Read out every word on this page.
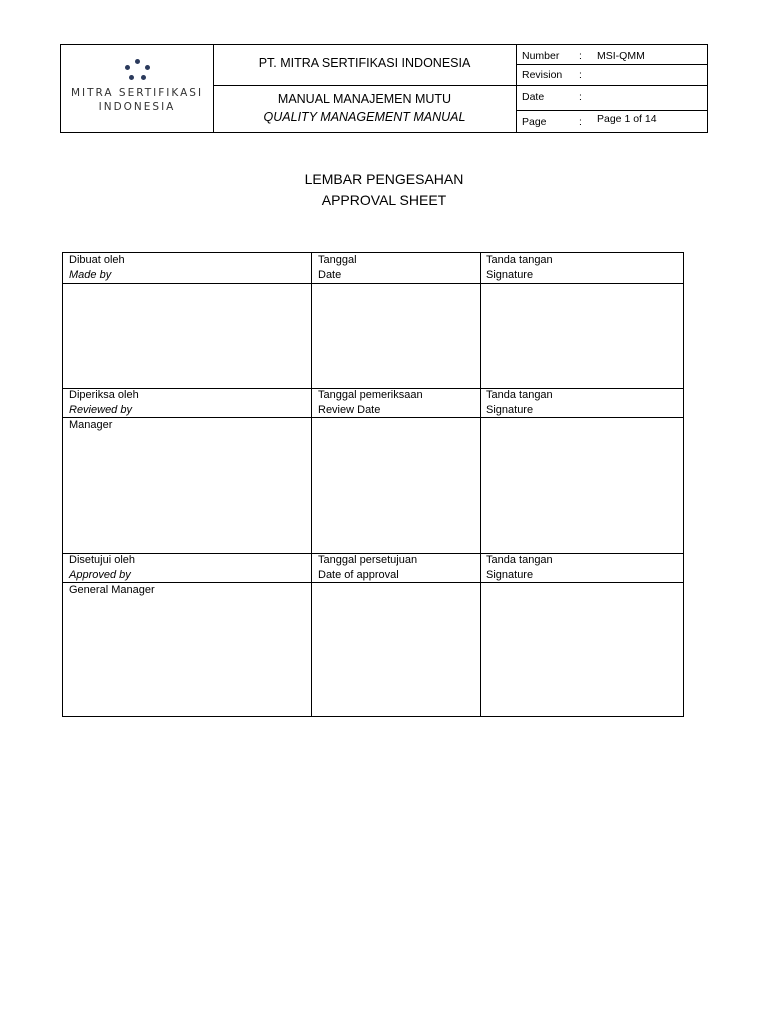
MITRA SERTIFIKASI
INDONESIA
PT. MITRA SERTIFIKASI INDONESIA
MANUAL MANAJEMEN MUTU
QUALITY MANAGEMENT MANUAL
Number : MSI-QMM
Revision :
Date	:
Page	: Page 1 of 14
LEMBAR PENGESAHAN
APPROVAL SHEET
Dibuat oleh
Made by
Tanggal
Date
Tanda tangan
Signature
Diperiksa oleh
Reviewed by
Tanggal pemeriksaan
Review Date
Tanda tangan
Signature
Manager
Disetujui oleh
Approved by
Tanggal persetujuan
Date of approval
Tanda tangan
Signature
General Manager
